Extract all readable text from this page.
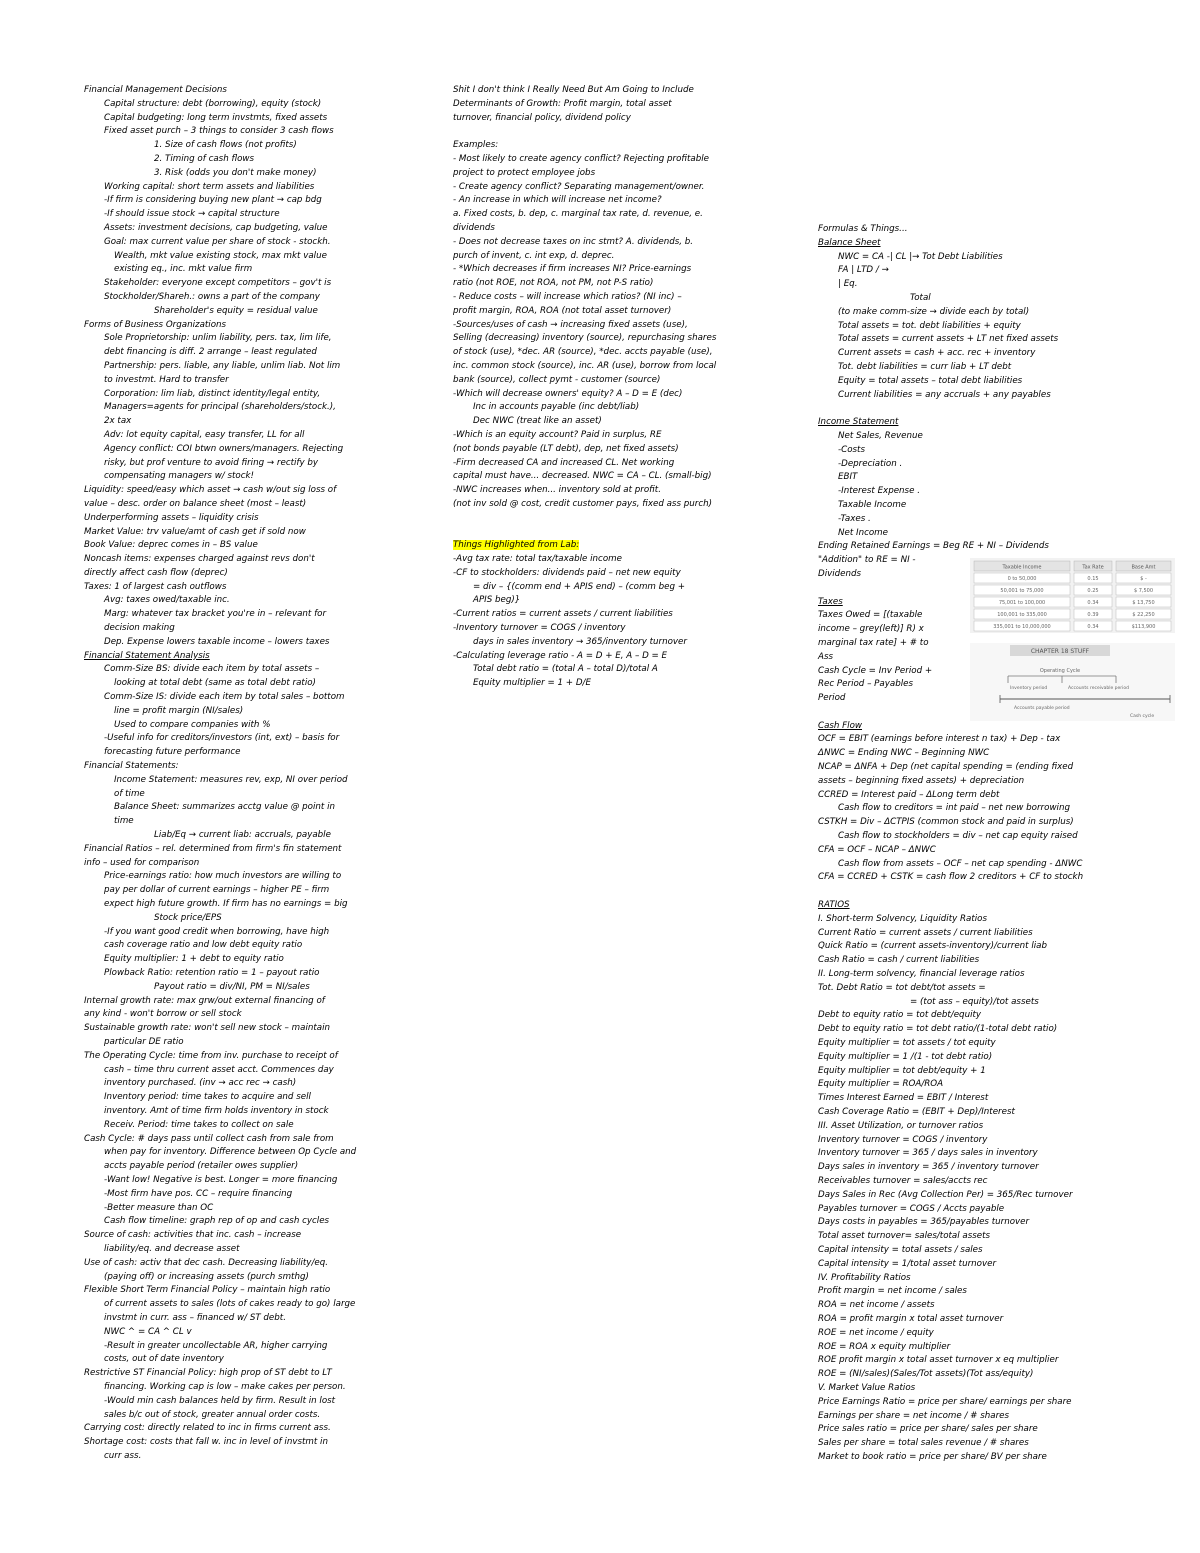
Financial Management Decisions
Capital structure: debt (borrowing), equity (stock)
Capital budgeting: long term invstmts, fixed assets
Fixed asset purch – 3 things to consider 3 cash flows
1. Size of cash flows (not profits)
2. Timing of cash flows
3. Risk (odds you don't make money)
Working capital: short term assets and liabilities
-If firm is considering buying new plant → cap bdg
-If should issue stock → capital structure
Assets: investment decisions, cap budgeting, value
Goal: max current value per share of stock - stockh.
Wealth, mkt value existing stock, max mkt value
existing eq., inc. mkt value firm
Stakeholder: everyone except competitors – gov't is
Stockholder/Shareh.: owns a part of the company
Shareholder's equity = residual value
Forms of Business Organizations
Sole Proprietorship: unlim liability, pers. tax, lim life,
debt financing is diff. 2 arrange – least regulated
Partnership: pers. liable, any liable, unlim liab. Not lim
to investmt. Hard to transfer
Corporation: lim liab, distinct identity/legal entity,
Managers=agents for principal (shareholders/stock.),
2x tax
Adv: lot equity capital, easy transfer, LL for all
Agency conflict: COI btwn owners/managers. Rejecting
risky, but prof venture to avoid firing → rectify by
compensating managers w/ stock!
Liquidity: speed/easy which asset → cash w/out sig loss of
value – desc. order on balance sheet (most – least)
Underperforming assets – liquidity crisis
Market Value: trv value/amt of cash get if sold now
Book Value: deprec comes in – BS value
Noncash items: expenses charged against revs don't
directly affect cash flow (deprec)
Taxes: 1 of largest cash outflows
Avg: taxes owed/taxable inc.
Marg: whatever tax bracket you're in – relevant for
decision making
Dep. Expense lowers taxable income – lowers taxes
Financial Statement Analysis
Comm-Size BS: divide each item by total assets –
looking at total debt (same as total debt ratio)
Comm-Size IS: divide each item by total sales – bottom
line = profit margin (NI/sales)
Used to compare companies with %
-Useful info for creditors/investors (int, ext) – basis for
forecasting future performance
Financial Statements:
Income Statement: measures rev, exp, NI over period
of time
Balance Sheet: summarizes acctg value @ point in
time
Liab/Eq → current liab: accruals, payable
Financial Ratios – rel. determined from firm's fin statement
info – used for comparison
Price-earnings ratio: how much investors are willing to
pay per dollar of current earnings – higher PE – firm
expect high future growth. If firm has no earnings = big
Stock price/EPS
-If you want good credit when borrowing, have high
cash coverage ratio and low debt equity ratio
Equity multiplier: 1 + debt to equity ratio
Plowback Ratio: retention ratio = 1 – payout ratio
Payout ratio = div/NI, PM = NI/sales
Internal growth rate: max grw/out external financing of
any kind - won't borrow or sell stock
Sustainable growth rate: won't sell new stock – maintain
particular DE ratio
The Operating Cycle: time from inv. purchase to receipt of
cash – time thru current asset acct. Commences day
inventory purchased. (inv → acc rec → cash)
Inventory period: time takes to acquire and sell
inventory. Amt of time firm holds inventory in stock
Receiv. Period: time takes to collect on sale
Cash Cycle: # days pass until collect cash from sale from
when pay for inventory. Difference between Op Cycle and
accts payable period (retailer owes supplier)
-Want low! Negative is best. Longer = more financing
-Most firm have pos. CC – require financing
-Better measure than OC
Cash flow timeline: graph rep of op and cash cycles
Source of cash: activities that inc. cash – increase
liability/eq. and decrease asset
Use of cash: activ that dec cash. Decreasing liability/eq.
(paying off) or increasing assets (purch smthg)
Flexible Short Term Financial Policy – maintain high ratio
of current assets to sales (lots of cakes ready to go) large
invstmt in curr. ass – financed w/ ST debt.
NWC ^ = CA ^ CL v
-Result in greater uncollectable AR, higher carrying
costs, out of date inventory
Restrictive ST Financial Policy: high prop of ST debt to LT
financing. Working cap is low – make cakes per person.
-Would min cash balances held by firm. Result in lost
sales b/c out of stock, greater annual order costs.
Carrying cost: directly related to inc in firms current ass.
Shortage cost: costs that fall w. inc in level of invstmt in
curr ass.
Shit I don't think I Really Need But Am Going to Include
Determinants of Growth: Profit margin, total asset
turnover, financial policy, dividend policy
Examples:
- Most likely to create agency conflict? Rejecting profitable
project to protect employee jobs
- Create agency conflict? Separating management/owner.
- An increase in which will increase net income?
a. Fixed costs, b. dep, c. marginal tax rate, d. revenue, e.
dividends
- Does not decrease taxes on inc stmt? A. dividends, b.
purch of invent, c. int exp, d. deprec.
- *Which decreases if firm increases NI? Price-earnings
ratio (not ROE, not ROA, not PM, not P-S ratio)
- Reduce costs – will increase which ratios? (NI inc) –
profit margin, ROA, ROA (not total asset turnover)
-Sources/uses of cash → increasing fixed assets (use),
Selling (decreasing) inventory (source), repurchasing shares
of stock (use), *dec. AR (source), *dec. accts payable (use),
inc. common stock (source), inc. AR (use), borrow from local
bank (source), collect pymt - customer (source)
-Which will decrease owners' equity? A – D = E (dec)
Inc in accounts payable (inc debt/liab)
Dec NWC (treat like an asset)
-Which is an equity account? Paid in surplus, RE
(not bonds payable (LT debt), dep, net fixed assets)
-Firm decreased CA and increased CL. Net working
capital must have... decreased. NWC = CA – CL. (small-big)
-NWC increases when... inventory sold at profit.
(not inv sold @ cost, credit customer pays, fixed ass purch)
Things Highlighted from Lab:
-Avg tax rate: total tax/taxable income
-CF to stockholders: dividends paid – net new equity
= div – {(comm end + APIS end) – (comm beg +
APIS beg)}
-Current ratios = current assets / current liabilities
-Inventory turnover = COGS / inventory
days in sales inventory → 365/inventory turnover
-Calculating leverage ratio - A = D + E, A – D = E
Total debt ratio = (total A – total D)/total A
Equity multiplier = 1 + D/E
Formulas & Things...
Balance Sheet
NWC = CA -| CL |→ Tot Debt Liabilities
FA | LTD / →
| Eq.
Total
(to make comm-size → divide each by total)
Total assets = tot. debt liabilities + equity
Total assets = current assets + LT net fixed assets
Current assets = cash + acc. rec + inventory
Tot. debt liabilities = curr liab + LT debt
Equity = total assets – total debt liabilities
Current liabilities = any accruals + any payables
Income Statement
Net Sales, Revenue
-Costs
-Depreciation .
EBIT
-Interest Expense .
Taxable Income
-Taxes .
Net Income
Ending Retained Earnings = Beg RE + NI – Dividends
"Addition" to RE = NI -
Dividends
Taxes
Taxes Owed = [(taxable
income – grey(left)] R) x
marginal tax rate] + # to
Ass
Cash Cycle = Inv Period +
Rec Period – Payables
Period
Cash Flow
OCF = EBIT (earnings before interest n tax) + Dep - tax
ΔNWC = Ending NWC – Beginning NWC
NCAP = ΔNFA + Dep (net capital spending = (ending fixed
assets – beginning fixed assets) + depreciation
CCRED = Interest paid – ΔLong term debt
Cash flow to creditors = int paid – net new borrowing
CSTKH = Div – ΔCTPIS (common stock and paid in surplus)
Cash flow to stockholders = div – net cap equity raised
CFA = OCF – NCAP – ΔNWC
Cash flow from assets – OCF – net cap spending - ΔNWC
CFA = CCRED + CSTK = cash flow 2 creditors + CF to stockh
RATIOS
I. Short-term Solvency, Liquidity Ratios
Current Ratio = current assets / current liabilities
Quick Ratio = (current assets-inventory)/current liab
Cash Ratio = cash / current liabilities
II. Long-term solvency, financial leverage ratios
Tot. Debt Ratio = tot debt/tot assets =
= (tot ass – equity)/tot assets
Debt to equity ratio = tot debt/equity
Debt to equity ratio = tot debt ratio/(1-total debt ratio)
Equity multiplier = tot assets / tot equity
Equity multiplier = 1 /(1 - tot debt ratio)
Equity multiplier = tot debt/equity + 1
Equity multiplier = ROA/ROA
Times Interest Earned = EBIT / Interest
Cash Coverage Ratio = (EBIT + Dep)/Interest
III. Asset Utilization, or turnover ratios
Inventory turnover = COGS / inventory
Inventory turnover = 365 / days sales in inventory
Days sales in inventory = 365 / inventory turnover
Receivables turnover = sales/accts rec
Days Sales in Rec (Avg Collection Per) = 365/Rec turnover
Payables turnover = COGS / Accts payable
Days costs in payables = 365/payables turnover
Total asset turnover= sales/total assets
Capital intensity = total assets / sales
Capital intensity = 1/total asset turnover
IV. Profitability Ratios
Profit margin = net income / sales
ROA = net income / assets
ROA = profit margin x total asset turnover
ROE = net income / equity
ROE = ROA x equity multiplier
ROE profit margin x total asset turnover x eq multiplier
ROE = (NI/sales)(Sales/Tot assets)(Tot ass/equity)
V. Market Value Ratios
Price Earnings Ratio = price per share/ earnings per share
Earnings per share = net income / # shares
Price sales ratio = price per share/ sales per share
Sales per share = total sales revenue / # shares
Market to book ratio = price per share/ BV per share
Taxable Income	Tax Rate	Base Amt
0 to 50,000	0.15	$ -
50,001 to 75,000	0.25	$ 7,500
75,001 to 100,000	0.34	$ 13,750
100,001 to 335,000	0.39	$ 22,250
335,001 to 10,000,000	0.34	$113,900
CHAPTER 18 STUFF
Operating Cycle
Inventory period	Accounts receivable period
Accounts payable period
Cash cycle
